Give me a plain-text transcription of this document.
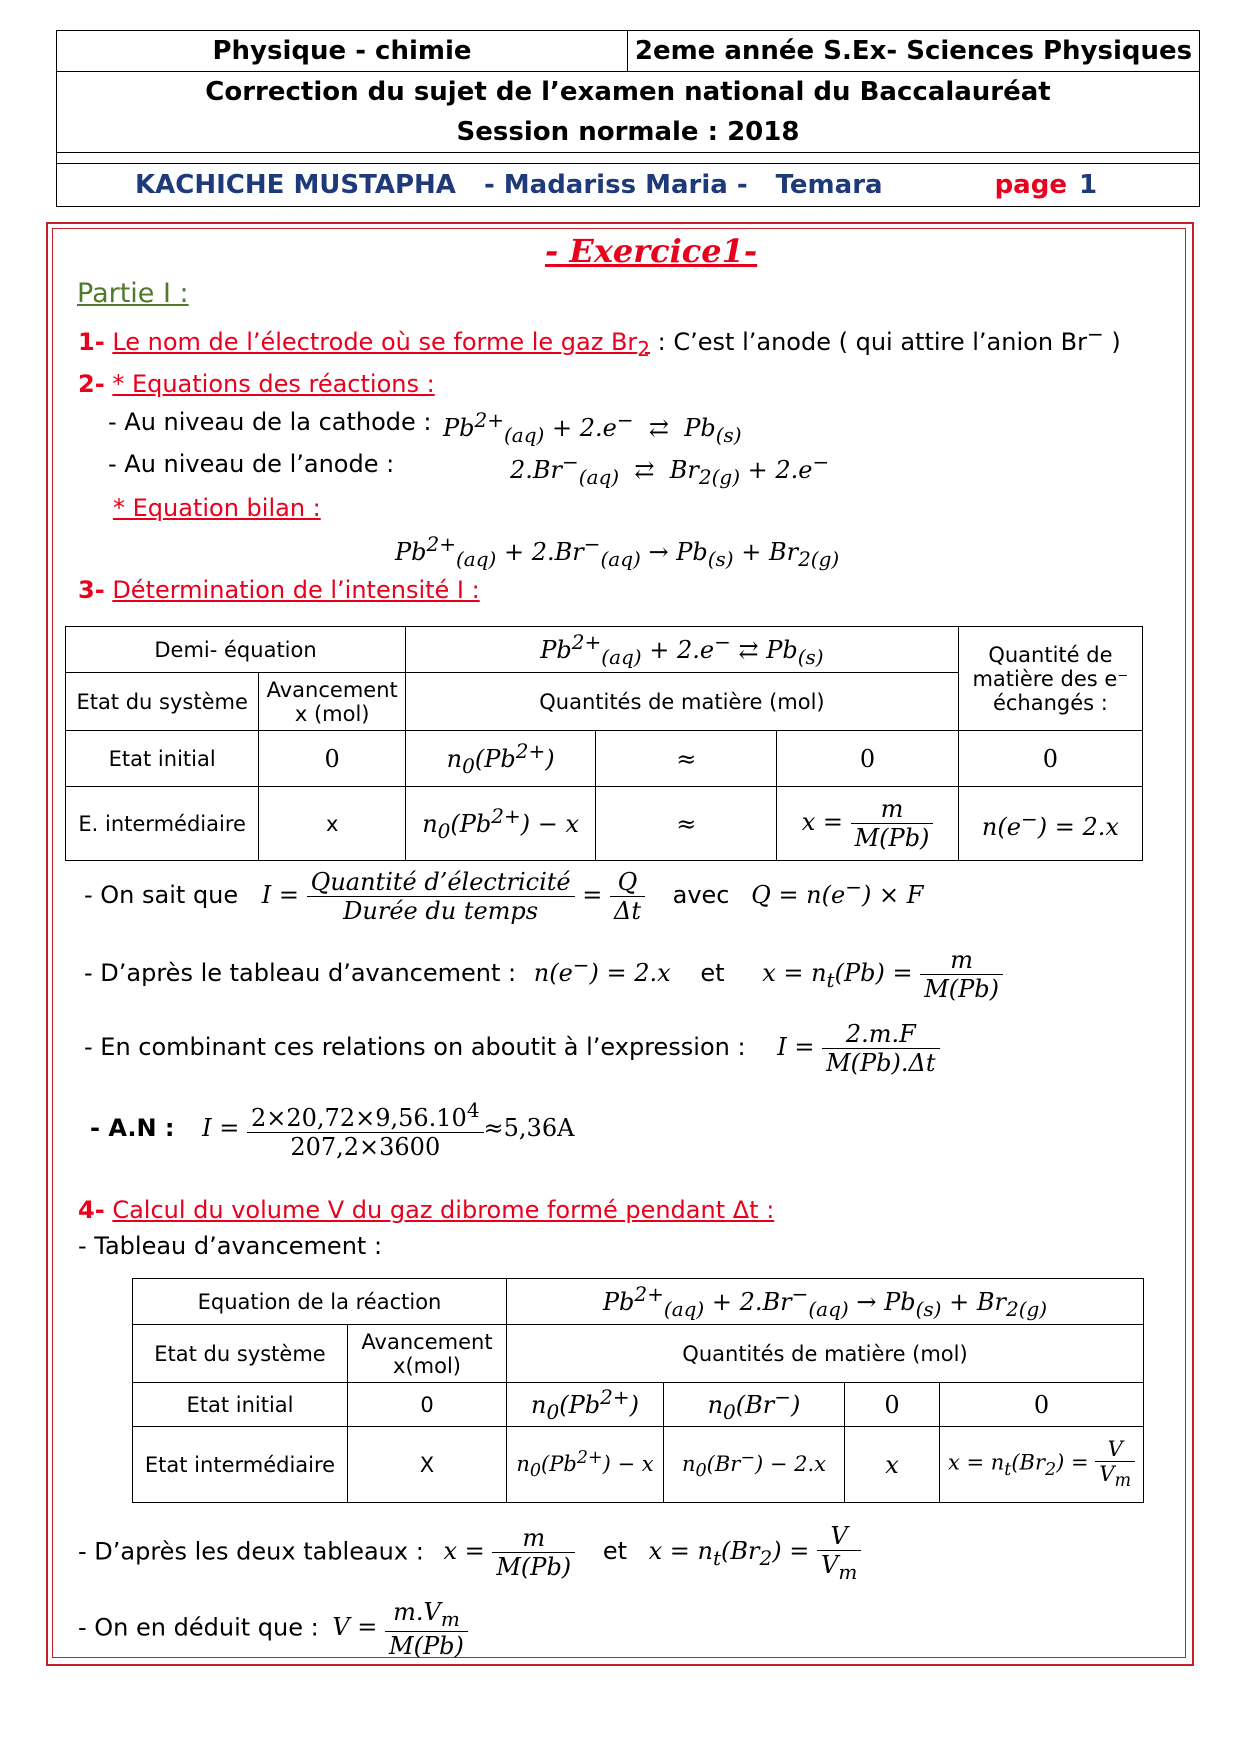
Physique - chimie	2eme année S.Ex- Sciences Physiques
Correction du sujet de l’examen national du Baccalauréat
Session normale : 2018
KACHICHE MUSTAPHA - Madariss Maria - Temara	page 1
- Exercice1-
Partie I :
1- Le nom de l’électrode où se forme le gaz $Br_2$ : C’est l’anode ( qui attire l’anion Br− )
2- * Equations des réactions :
- Au niveau de la cathode : $Pb^{2+}_{(aq)} + 2.e^-$  ⇄  $Pb_{(s)}$
- Au niveau de l’anode :	$2.Br^-_{(aq)}$  ⇄  $Br_{2(g)} + 2.e^-$
* Equation bilan :
$Pb^{2+}_{(aq)} + 2.Br^-_{(aq)} \to Pb_{(s)} + Br_{2(g)}$
3- Détermination de l’intensité I :
Demi- équation		$Pb^{2+}_{(aq)} + 2.e^-$ ⇄ $Pb_{(s)}$			Quantité de matière des e⁻ échangés :
Etat du système	Avancement x (mol)	Quantités de matière (mol)			
Etat initial	0	$n_0(Pb^{2+})$	≈	0	0
E. intermédiaire	x	$n_0(Pb^{2+}) - x$	≈	$x = \frac{m}{M(Pb)}$	n(e−) = 2.x
- On sait que $I = \frac{\text{Quantité d’électricité}}{\text{Durée du temps}} = \frac{Q}{\Delta t}$ avec Q = n(e−) × F
- D’après le tableau d’avancement : n(e−) = 2.x et $x = n_t(Pb) = \frac{m}{M(Pb)}$
- En combinant ces relations on aboutit à l’expression : $I = \frac{2.m.F}{M(Pb).\Delta t}$
- A.N : $I = \frac{2\times 20,72\times 9,56.10^4}{207,2\times 3600} \approx 5,36A$
4- Calcul du volume V du gaz dibrome formé pendant Δt :
- Tableau d’avancement :
Equation de la réaction		$Pb^{2+}_{(aq)} + 2.Br^-_{(aq)} \to Pb_{(s)} + Br_{2(g)}$
Etat du système	Avancement x(mol)	Quantités de matière (mol)			
Etat initial	0	$n_0(Pb^{2+})$	$n_0(Br^-)$	0	0
Etat intermédiaire	X	$n_0(Pb^{2+}) - x$	$n_0(Br^-) - 2.x$	x	$x = n_t(Br_2) = \frac{V}{V_m}$
- D’après les deux tableaux : $x = \frac{m}{M(Pb)}$ et $x = n_t(Br_2) = \frac{V}{V_m}$
- On en déduit que : $V = \frac{m.V_m}{M(Pb)}$
